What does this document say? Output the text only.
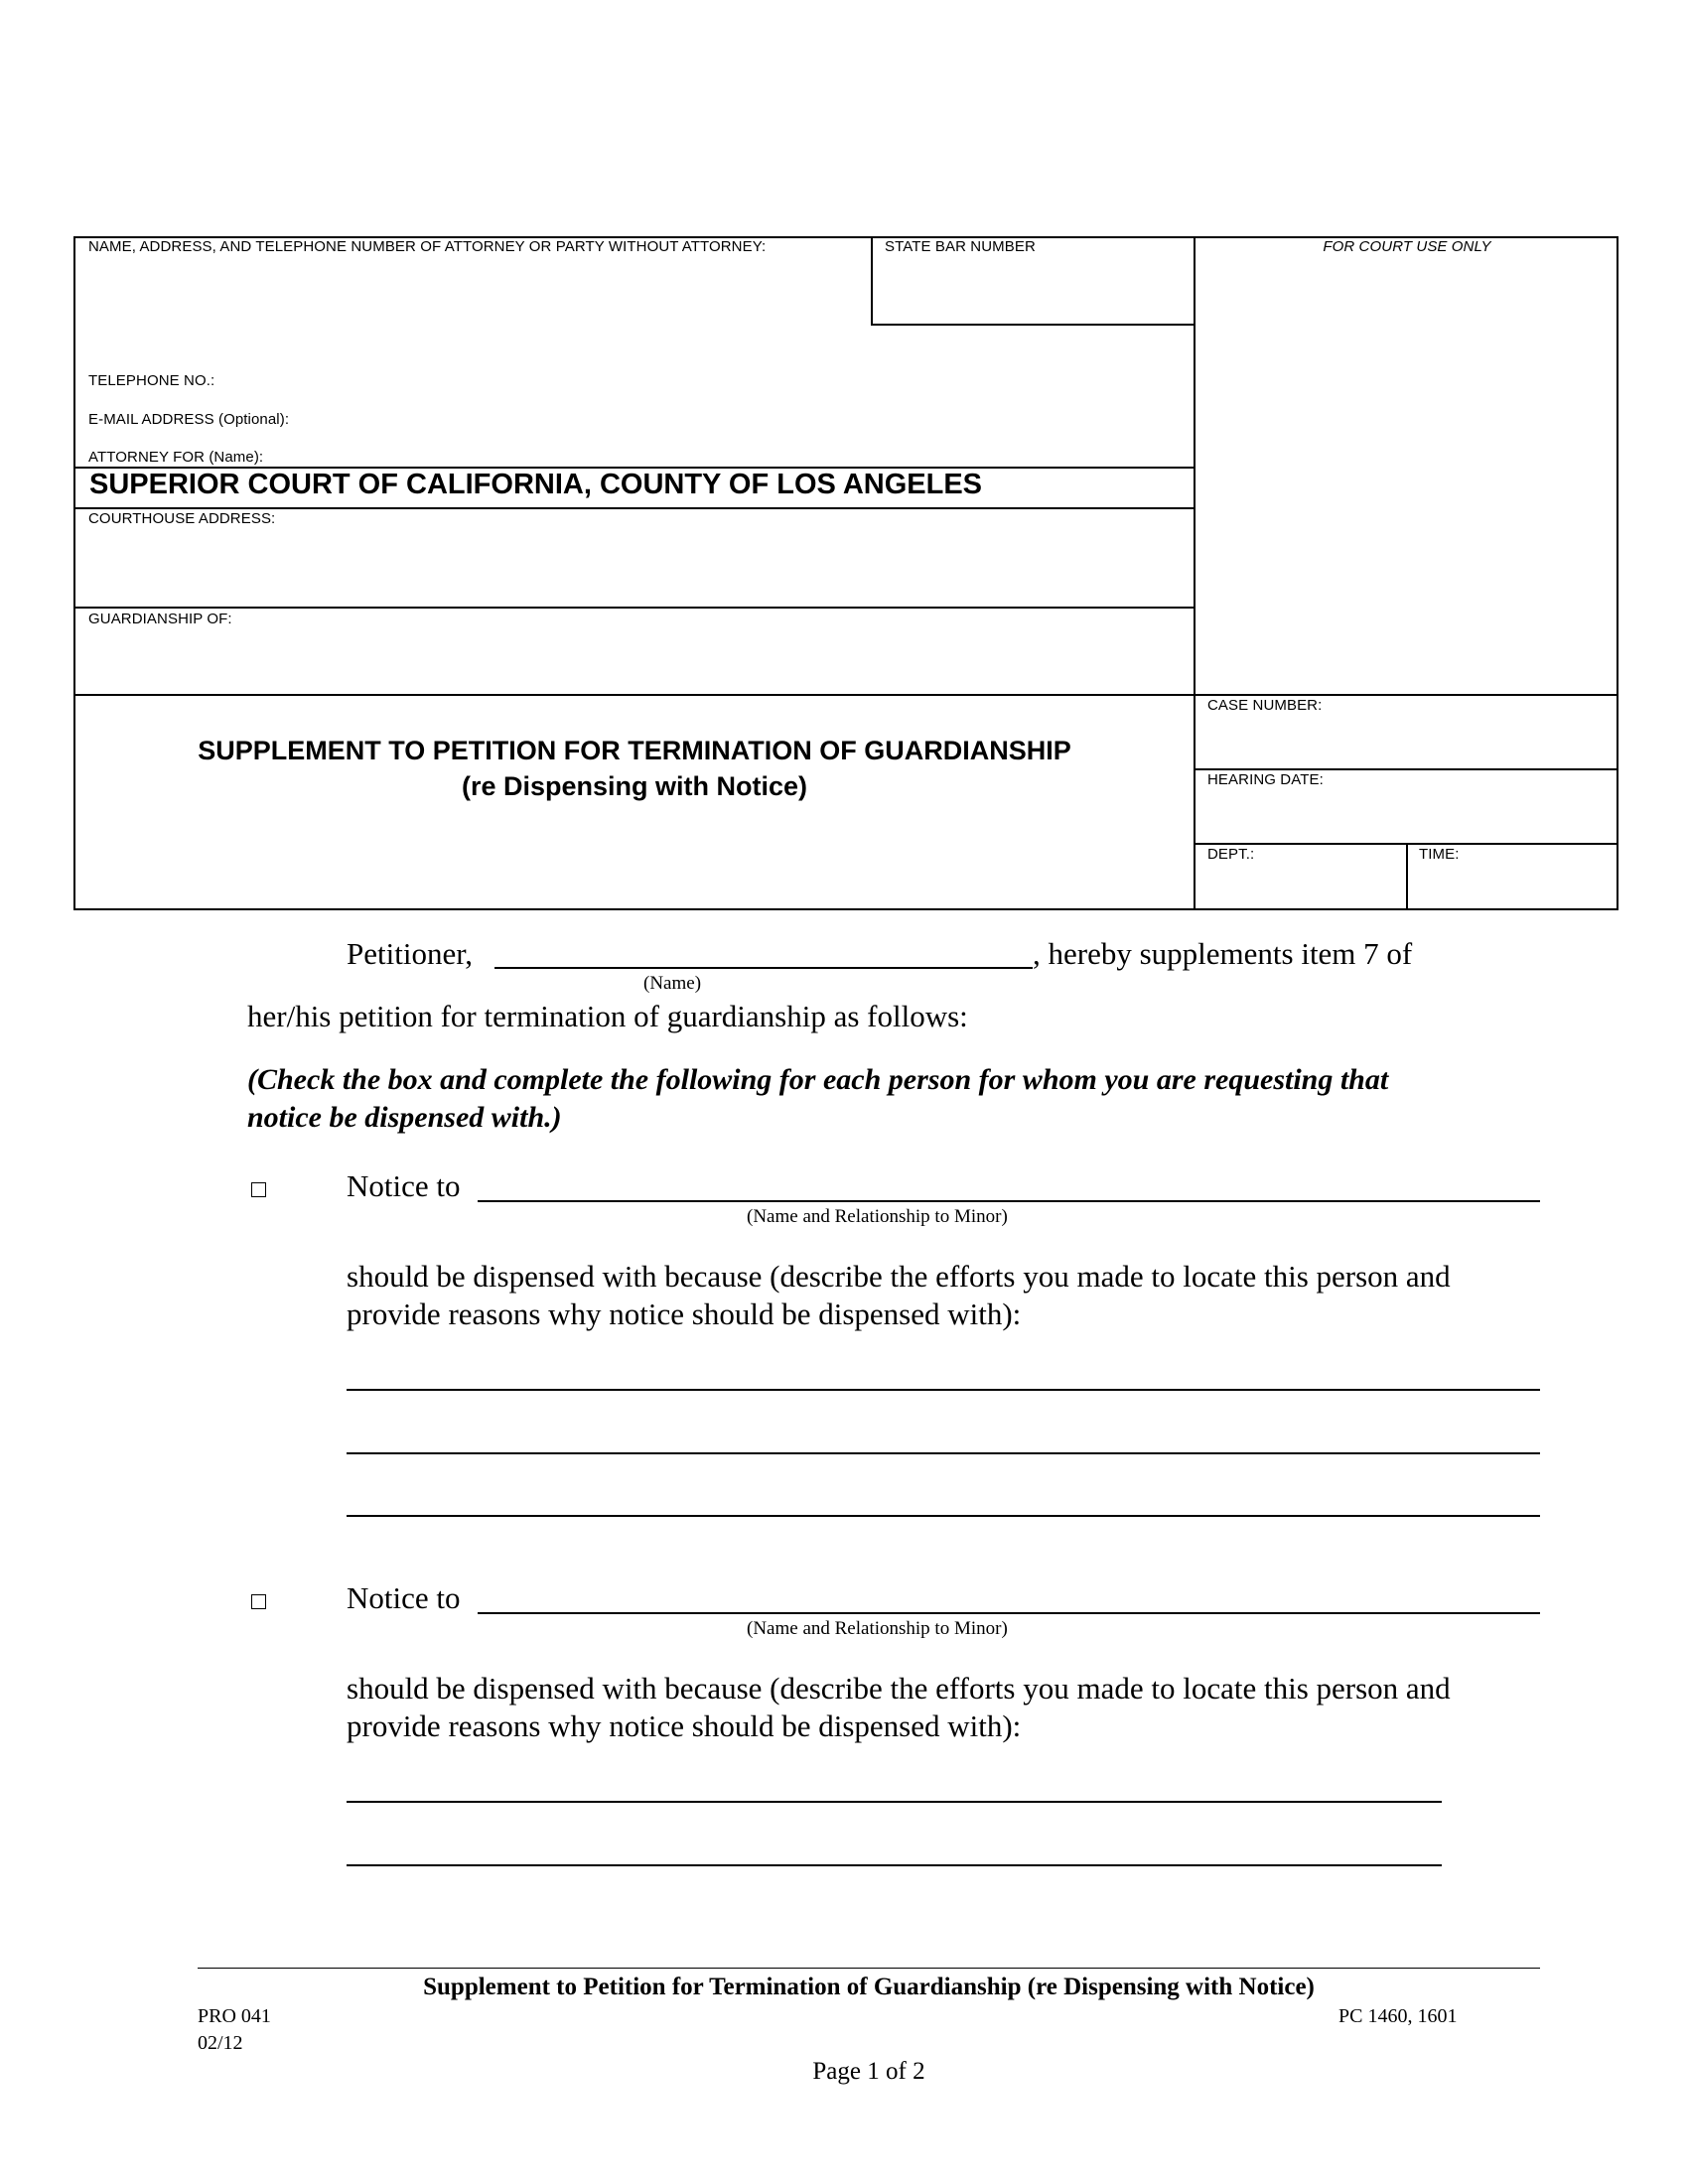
NAME, ADDRESS, AND TELEPHONE NUMBER OF ATTORNEY OR PARTY WITHOUT ATTORNEY:	STATE BAR NUMBER	FOR COURT USE ONLY
TELEPHONE NO.:
E-MAIL ADDRESS (Optional):
ATTORNEY FOR (Name):
SUPERIOR COURT OF CALIFORNIA, COUNTY OF LOS ANGELES
COURTHOUSE ADDRESS:
GUARDIANSHIP OF:
SUPPLEMENT TO PETITION FOR TERMINATION OF GUARDIANSHIP
(re Dispensing with Notice)
CASE NUMBER:
HEARING DATE:
DEPT.:	TIME:
Petitioner,	, hereby supplements item 7 of
(Name)
her/his petition for termination of guardianship as follows:
(Check the box and complete the following for each person for whom you are requesting that
notice be dispensed with.)
Notice to
(Name and Relationship to Minor)
should be dispensed with because (describe the efforts you made to locate this person and
provide reasons why notice should be dispensed with):
Notice to
(Name and Relationship to Minor)
should be dispensed with because (describe the efforts you made to locate this person and
provide reasons why notice should be dispensed with):
Supplement to Petition for Termination of Guardianship (re Dispensing with Notice)
PRO 041
02/12
PC 1460, 1601
Page 1 of 2
